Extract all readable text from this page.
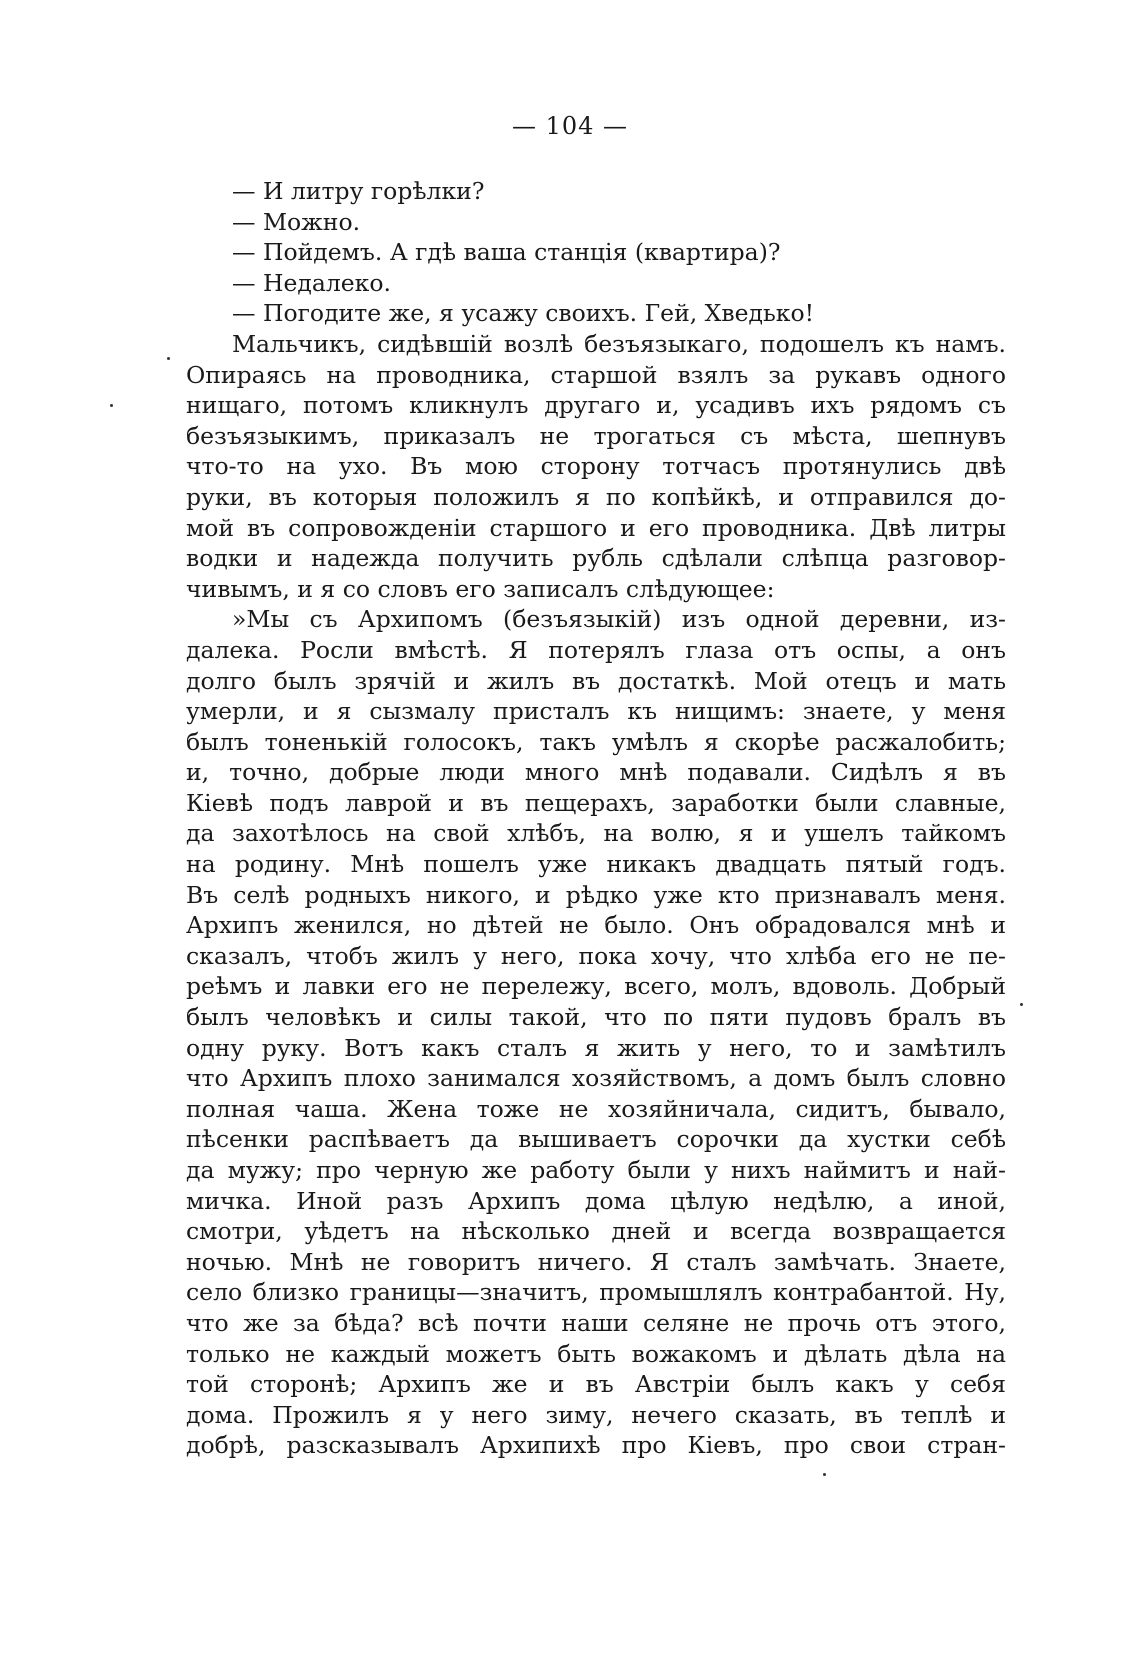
— 104 —
— И литру горѣлки?
— Можно.
— Пойдемъ. А гдѣ ваша станція (квартира)?
— Недалеко.
— Погодите же, я усажу своихъ. Гей, Хведько!
Мальчикъ, сидѣвшій возлѣ безъязыкаго, подошелъ къ намъ.
Опираясь на проводника, старшой взялъ за рукавъ одного
нищаго, потомъ кликнулъ другаго и, усадивъ ихъ рядомъ съ
безъязыкимъ, приказалъ не трогаться съ мѣста, шепнувъ
что-то на ухо. Въ мою сторону тотчасъ протянулись двѣ
руки, въ которыя положилъ я по копѣйкѣ, и отправился до-
мой въ сопровожденіи старшого и его проводника. Двѣ литры
водки и надежда получить рубль сдѣлали слѣпца разговор-
чивымъ, и я со словъ его записалъ слѣдующее:
»Мы съ Архипомъ (безъязыкій) изъ одной деревни, из-
далека. Росли вмѣстѣ. Я потерялъ глаза отъ оспы, а онъ
долго былъ зрячій и жилъ въ достаткѣ. Мой отецъ и мать
умерли, и я сызмалу присталъ къ нищимъ: знаете, у меня
былъ тоненькій голосокъ, такъ умѣлъ я скорѣе расжалобить;
и, точно, добрые люди много мнѣ подавали. Сидѣлъ я въ
Кіевѣ подъ лаврой и въ пещерахъ, заработки были славные,
да захотѣлось на свой хлѣбъ, на волю, я и ушелъ тайкомъ
на родину. Мнѣ пошелъ уже никакъ двадцать пятый годъ.
Въ селѣ родныхъ никого, и рѣдко уже кто признавалъ меня.
Архипъ женился, но дѣтей не было. Онъ обрадовался мнѣ и
сказалъ, чтобъ жилъ у него, пока хочу, что хлѣба его не пе-
реѣмъ и лавки его не перележу, всего, молъ, вдоволь. Добрый
былъ человѣкъ и силы такой, что по пяти пудовъ бралъ въ
одну руку. Вотъ какъ сталъ я жить у него, то и замѣтилъ
что Архипъ плохо занимался хозяйствомъ, а домъ былъ словно
полная чаша. Жена тоже не хозяйничала, сидитъ, бывало,
пѣсенки распѣваетъ да вышиваетъ сорочки да хустки себѣ
да мужу; про черную же работу были у нихъ наймитъ и най-
мичка. Иной разъ Архипъ дома цѣлую недѣлю, а иной,
смотри, уѣдетъ на нѣсколько дней и всегда возвращается
ночью. Мнѣ не говоритъ ничего. Я сталъ замѣчать. Знаете,
село близко границы—значитъ, промышлялъ контрабантой. Ну,
что же за бѣда? всѣ почти наши селяне не прочь отъ этого,
только не каждый можетъ быть вожакомъ и дѣлать дѣла на
той сторонѣ; Архипъ же и въ Австріи былъ какъ у себя
дома. Прожилъ я у него зиму, нечего сказать, въ теплѣ и
добрѣ, разсказывалъ Архипихѣ про Кіевъ, про свои стран-
